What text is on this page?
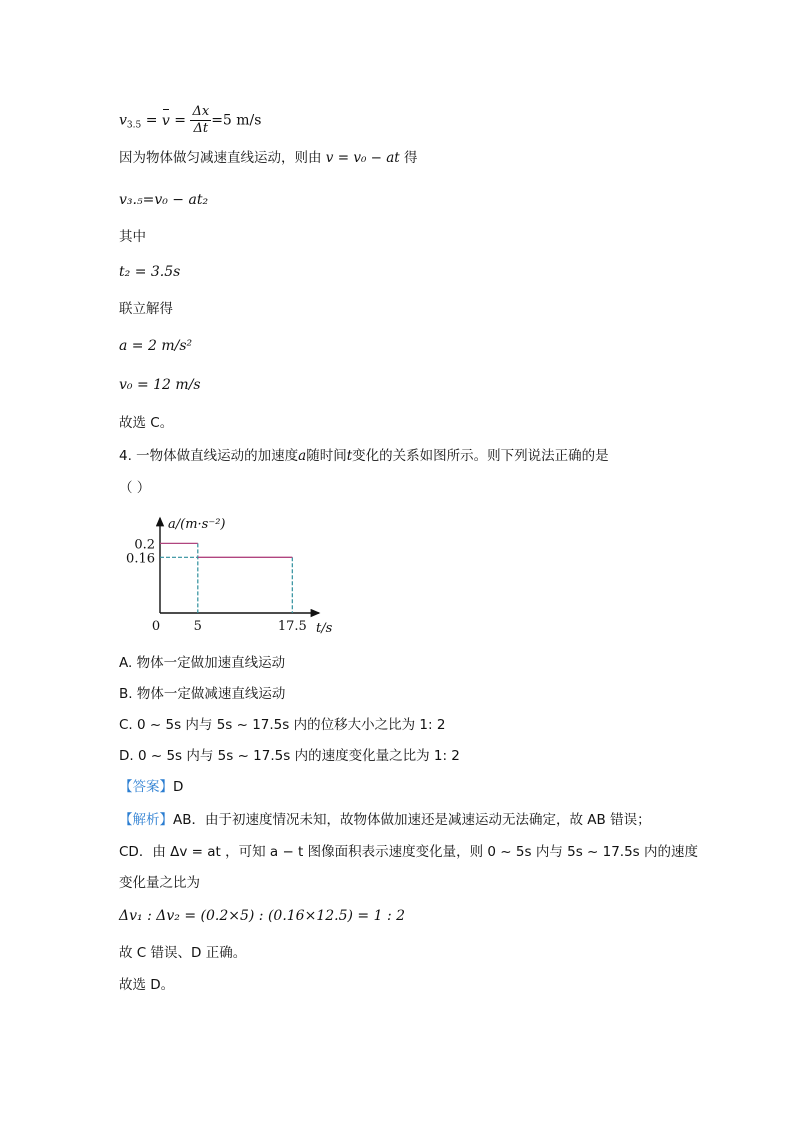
$v_{3.5} = v = \frac{\Delta x}{\Delta t} =5$ m/s
因为物体做匀减速直线运动，则由 v = v₀ − at 得
v₃.₅=v₀ − at₂
其中
t₂ = 3.5s
联立解得
a = 2 m/s²
v₀ = 12 m/s
故选 C。
4. 一物体做直线运动的加速度a随时间t变化的关系如图所示。则下列说法正确的是
（ ）
0.2
0.16
0	5	17.5
a/(m·s⁻²)
t/s
A. 物体一定做加速直线运动
B. 物体一定做减速直线运动
C. 0 ~ 5s 内与 5s ~ 17.5s 内的位移大小之比为 1: 2
D. 0 ~ 5s 内与 5s ~ 17.5s 内的速度变化量之比为 1: 2
【答案】D
【解析】AB．由于初速度情况未知，故物体做加速还是减速运动无法确定，故 AB 错误；
CD．由 Δv = at ，可知 a − t 图像面积表示速度变化量，则 0 ~ 5s 内与 5s ~ 17.5s 内的速度
变化量之比为
Δv₁ : Δv₂ = (0.2×5) : (0.16×12.5) = 1 : 2
故 C 错误、D 正确。
故选 D。
